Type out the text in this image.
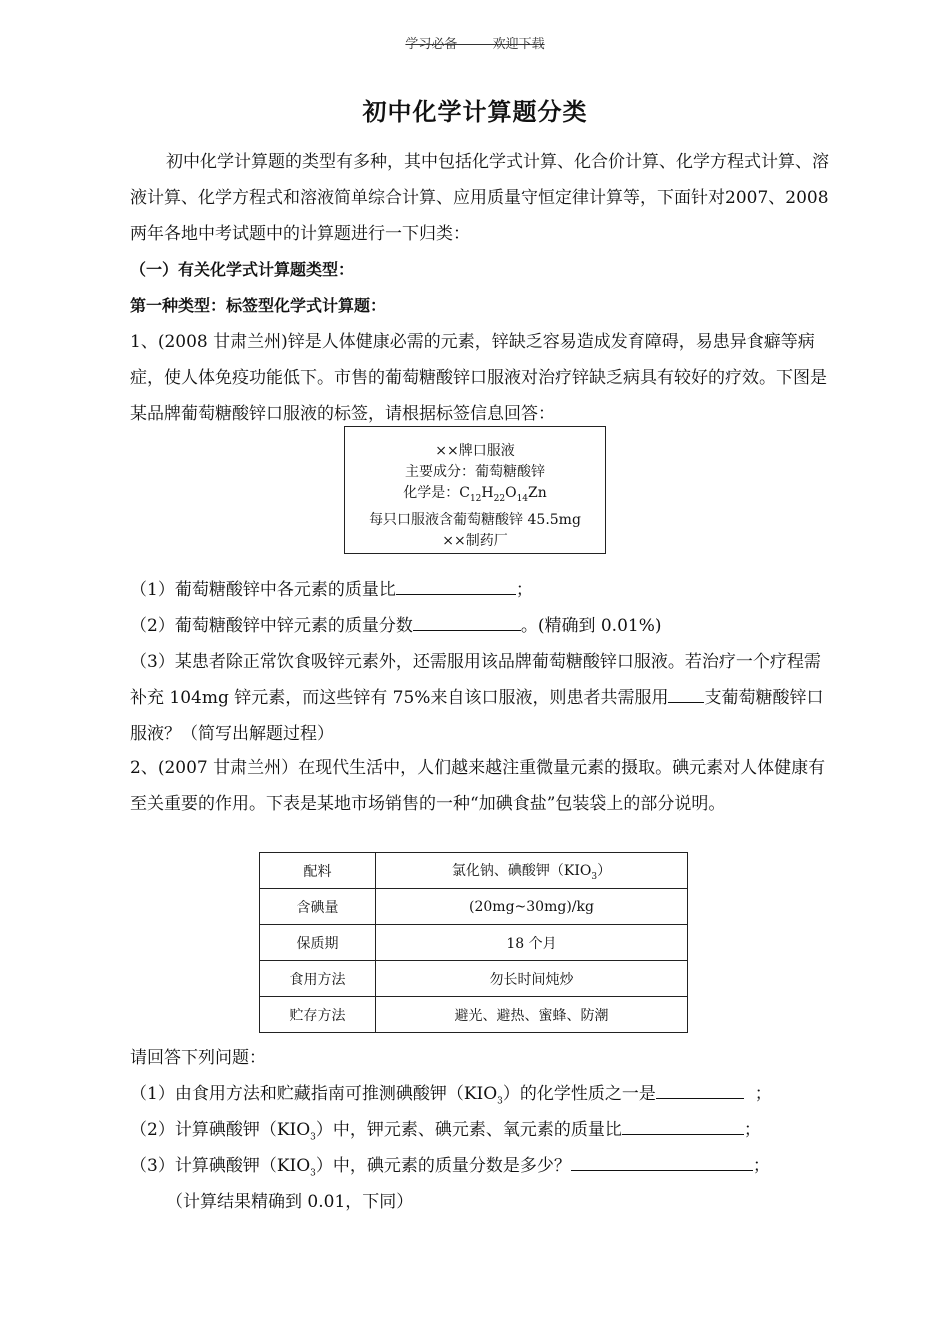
学习必备--------欢迎下载
初中化学计算题分类
初中化学计算题的类型有多种，其中包括化学式计算、化合价计算、化学方程式计算、溶液计算、化学方程式和溶液简单综合计算、应用质量守恒定律计算等，下面针对2007、2008两年各地中考试题中的计算题进行一下归类：
（一）有关化学式计算题类型：
第一种类型：标签型化学式计算题：
1、(2008 甘肃兰州)锌是人体健康必需的元素，锌缺乏容易造成发育障碍，易患异食癖等病症，使人体免疫功能低下。市售的葡萄糖酸锌口服液对治疗锌缺乏病具有较好的疗效。下图是某品牌葡萄糖酸锌口服液的标签，请根据标签信息回答：
××牌口服液
主要成分：葡萄糖酸锌
化学是：$C_{12}H_{22}O_{14}Zn$
每只口服液含葡萄糖酸锌 45.5mg
××制药厂
（1）葡萄糖酸锌中各元素的质量比	；
（2）葡萄糖酸锌中锌元素的质量分数	。(精确到 0.01%)
（3）某患者除正常饮食吸锌元素外，还需服用该品牌葡萄糖酸锌口服液。若治疗一个疗程需补充 104mg 锌元素，而这些锌有 75%来自该口服液，则患者共需服用 支葡萄糖酸锌口服液？（简写出解题过程）
2、(2007 甘肃兰州）在现代生活中，人们越来越注重微量元素的摄取。碘元素对人体健康有至关重要的作用。下表是某地市场销售的一种“加碘食盐”包装袋上的部分说明。
配料	氯化钠、碘酸钾$(KIO_3)$
含碘量	(20mg~30mg)/kg
保质期	18 个月
食用方法	勿长时间炖炒
贮存方法	避光、避热、蜜蜂、防潮
请回答下列问题：
（1）由食用方法和贮藏指南可推测碘酸钾$(KIO_3)$的化学性质之一是	；
（2）计算碘酸钾$(KIO_3)$中，钾元素、碘元素、氧元素的质量比	；
（3）计算碘酸钾$(KIO_3)$中，碘元素的质量分数是多少？	；
（计算结果精确到 0.01，下同）
